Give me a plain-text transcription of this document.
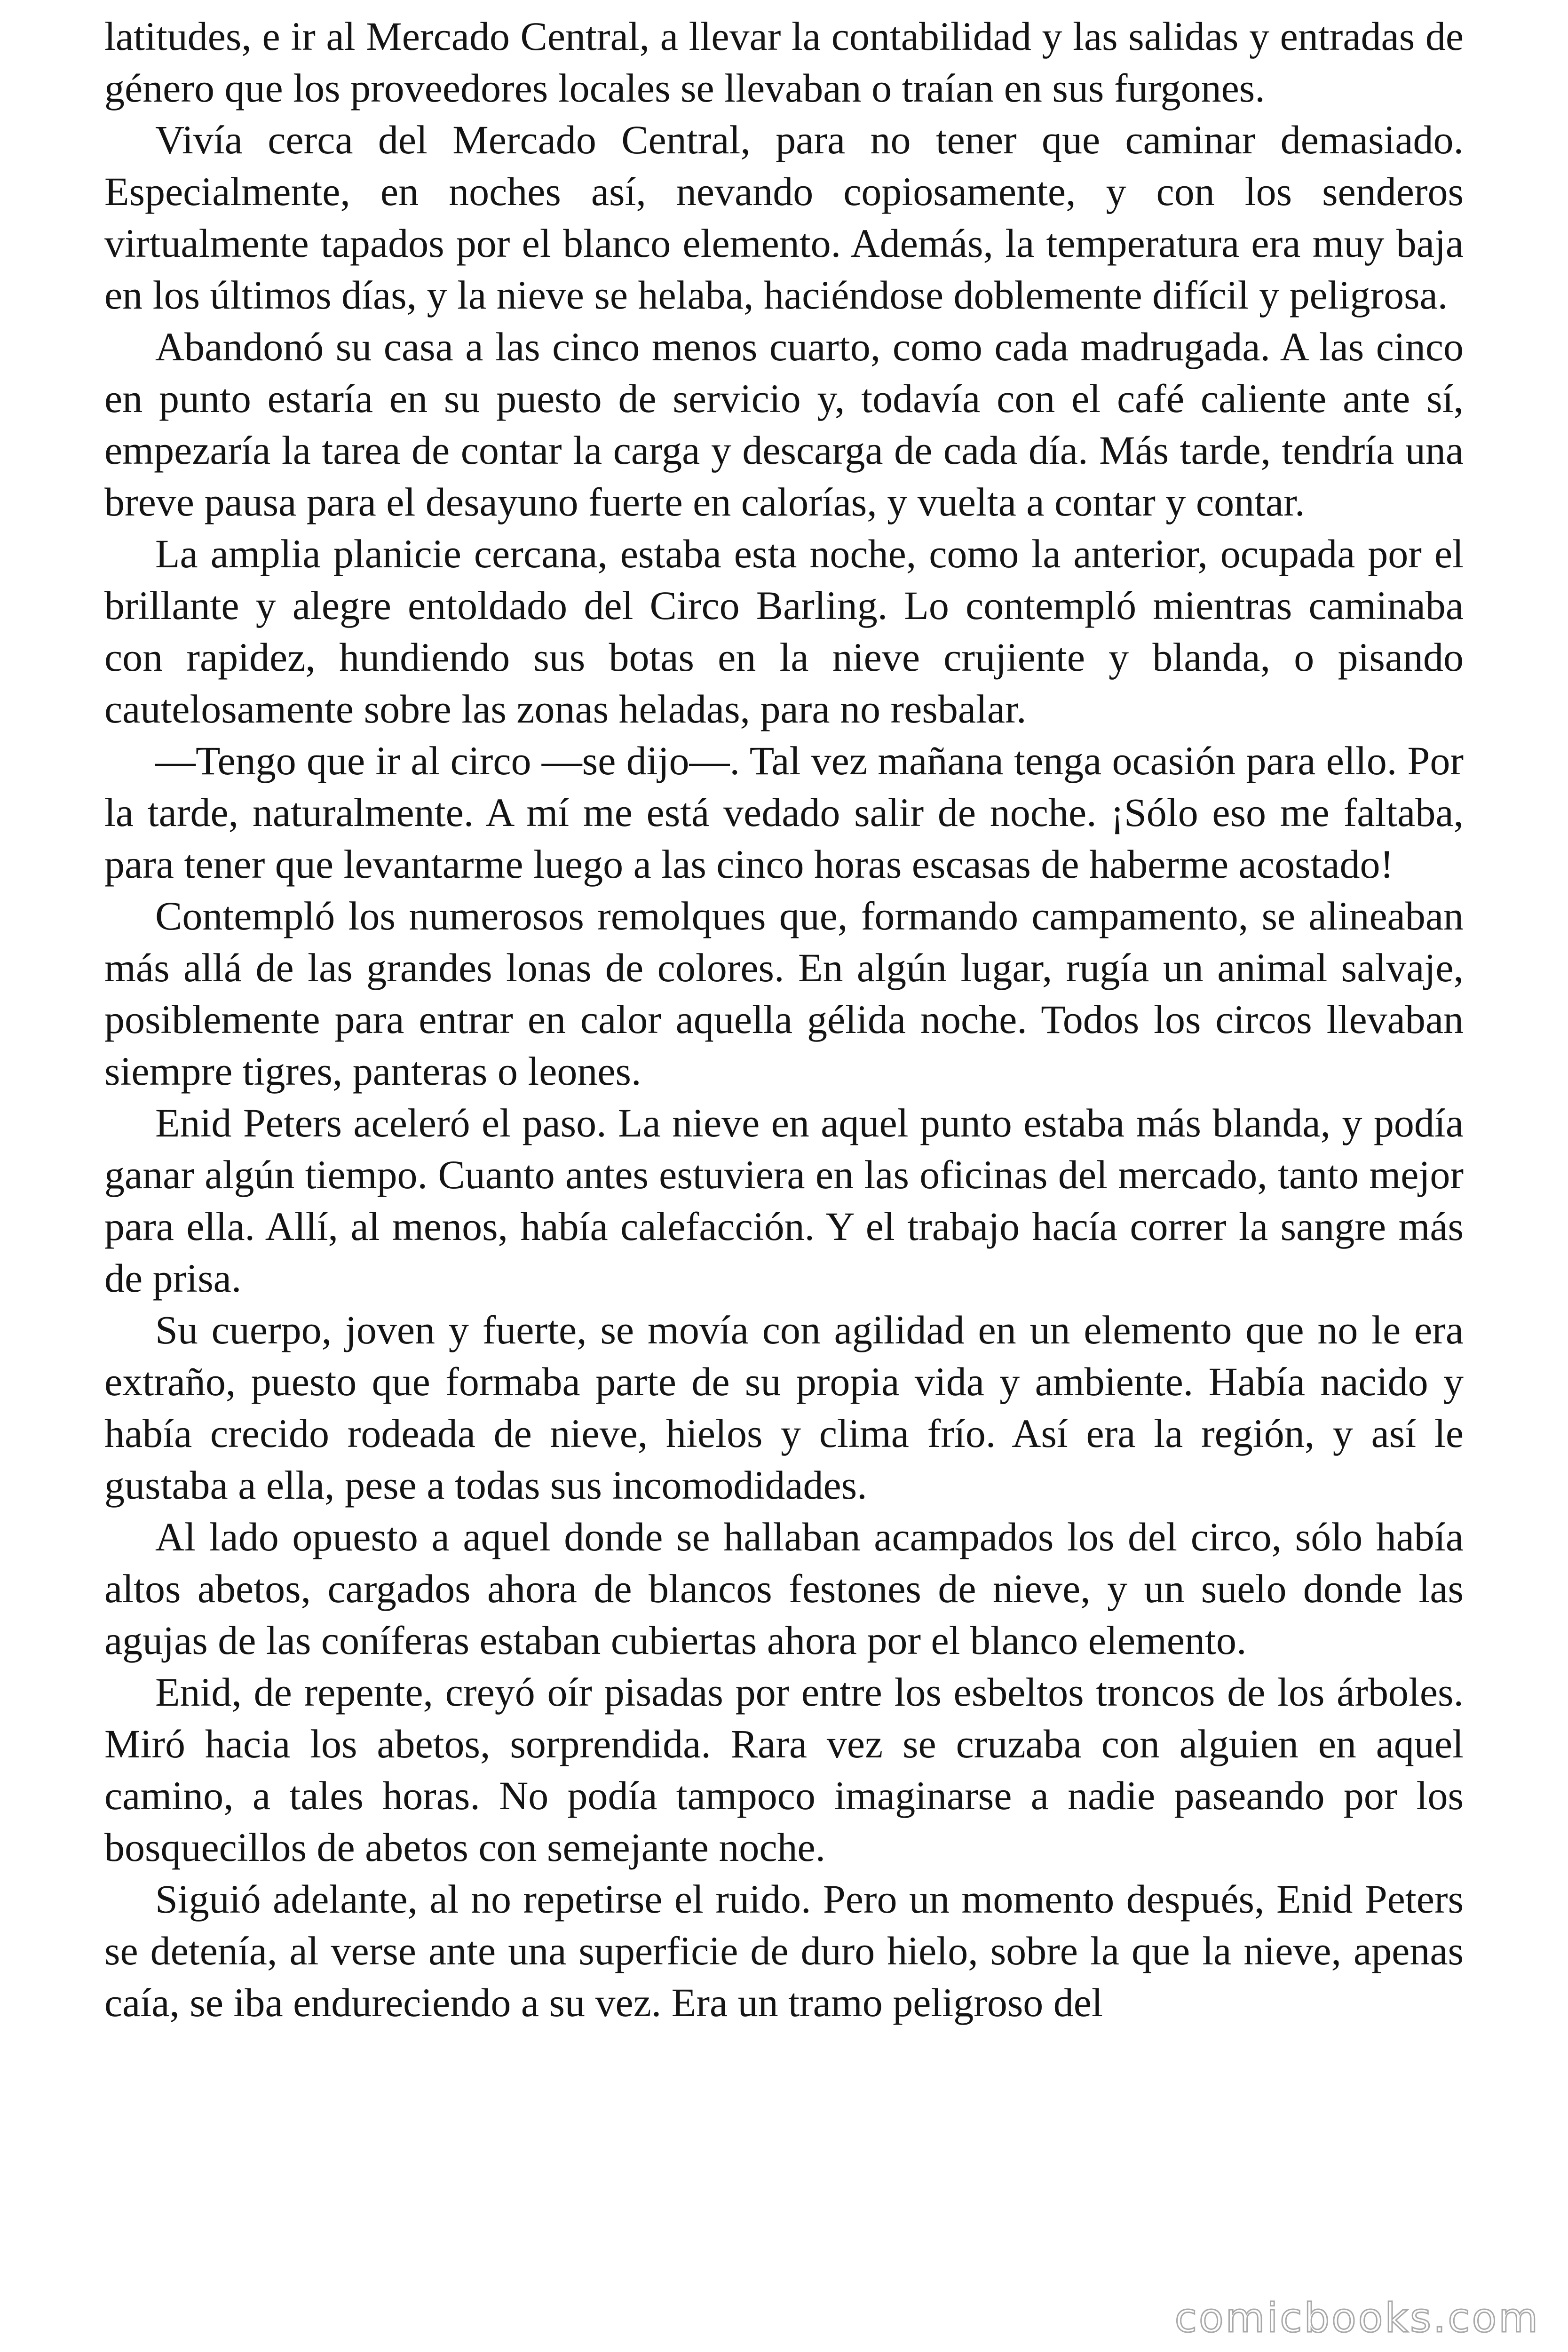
latitudes, e ir al Mercado Central, a llevar la contabilidad y las salidas y entradas de género que los proveedores locales se llevaban o traían en sus furgones.

Vivía cerca del Mercado Central, para no tener que caminar demasiado. Especialmente, en noches así, nevando copiosamente, y con los senderos virtualmente tapados por el blanco elemento. Además, la temperatura era muy baja en los últimos días, y la nieve se helaba, haciéndose doblemente difícil y peligrosa.

Abandonó su casa a las cinco menos cuarto, como cada madrugada. A las cinco en punto estaría en su puesto de servicio y, todavía con el café caliente ante sí, empezaría la tarea de contar la carga y descarga de cada día. Más tarde, tendría una breve pausa para el desayuno fuerte en calorías, y vuelta a contar y contar.

La amplia planicie cercana, estaba esta noche, como la anterior, ocupada por el brillante y alegre entoldado del Circo Barling. Lo contempló mientras caminaba con rapidez, hundiendo sus botas en la nieve crujiente y blanda, o pisando cautelosamente sobre las zonas heladas, para no resbalar.

—Tengo que ir al circo —se dijo—. Tal vez mañana tenga ocasión para ello. Por la tarde, naturalmente. A mí me está vedado salir de noche. ¡Sólo eso me faltaba, para tener que levantarme luego a las cinco horas escasas de haberme acostado!

Contempló los numerosos remolques que, formando campamento, se alineaban más allá de las grandes lonas de colores. En algún lugar, rugía un animal salvaje, posiblemente para entrar en calor aquella gélida noche. Todos los circos llevaban siempre tigres, panteras o leones.

Enid Peters aceleró el paso. La nieve en aquel punto estaba más blanda, y podía ganar algún tiempo. Cuanto antes estuviera en las oficinas del mercado, tanto mejor para ella. Allí, al menos, había calefacción. Y el trabajo hacía correr la sangre más de prisa.

Su cuerpo, joven y fuerte, se movía con agilidad en un elemento que no le era extraño, puesto que formaba parte de su propia vida y ambiente. Había nacido y había crecido rodeada de nieve, hielos y clima frío. Así era la región, y así le gustaba a ella, pese a todas sus incomodidades.

Al lado opuesto a aquel donde se hallaban acampados los del circo, sólo había altos abetos, cargados ahora de blancos festones de nieve, y un suelo donde las agujas de las coníferas estaban cubiertas ahora por el blanco elemento.

Enid, de repente, creyó oír pisadas por entre los esbeltos troncos de los árboles. Miró hacia los abetos, sorprendida. Rara vez se cruzaba con alguien en aquel camino, a tales horas. No podía tampoco imaginarse a nadie paseando por los bosquecillos de abetos con semejante noche.

Siguió adelante, al no repetirse el ruido. Pero un momento después, Enid Peters se detenía, al verse ante una superficie de duro hielo, sobre la que la nieve, apenas caía, se iba endureciendo a su vez. Era un tramo peligroso del

comicbooks.com
